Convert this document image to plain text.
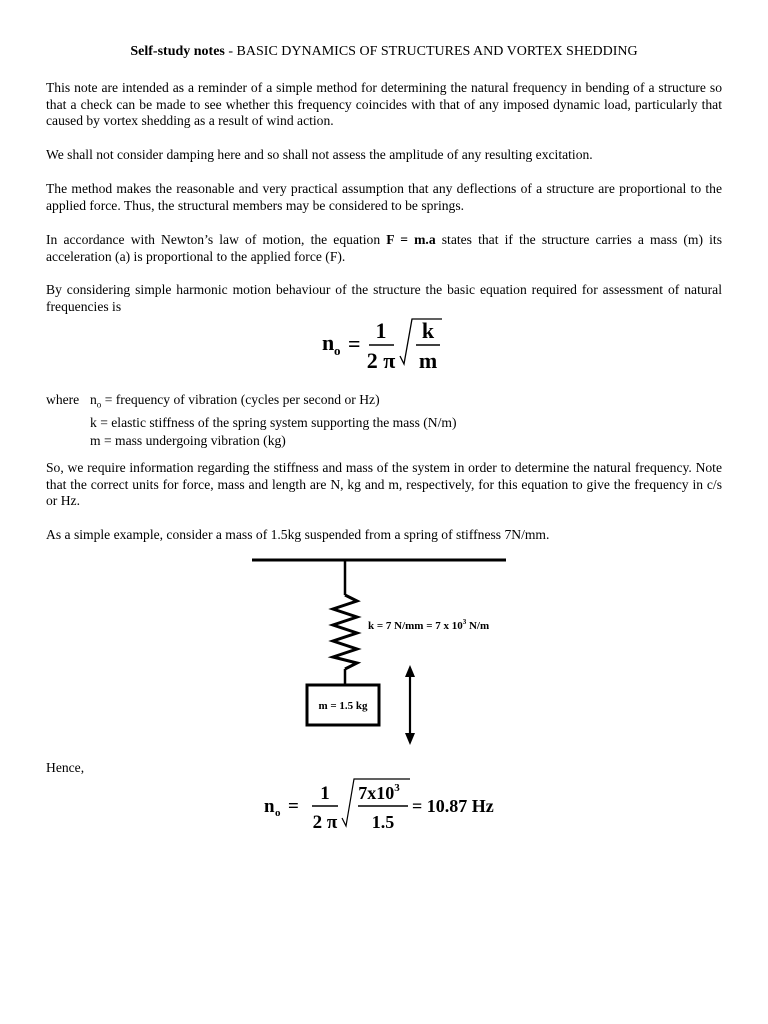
Self-study notes - BASIC DYNAMICS OF STRUCTURES AND VORTEX SHEDDING
This note are intended as a reminder of a simple method for determining the natural frequency in bending of a structure so that a check can be made to see whether this frequency coincides with that of any imposed dynamic load, particularly that caused by vortex shedding as a result of wind action.
We shall not consider damping here and so shall not assess the amplitude of any resulting excitation.
The method makes the reasonable and very practical assumption that any deflections of a structure are proportional to the applied force. Thus, the structural members may be considered to be springs.
In accordance with Newton’s law of motion, the equation F = m.a states that if the structure carries a mass (m) its acceleration (a) is proportional to the applied force (F).
By considering simple harmonic motion behaviour of the structure the basic equation required for assessment of natural frequencies is
n o =
1
2 π
k
m
where $n_o$ = frequency of vibration (cycles per second or Hz)
k = elastic stiffness of the spring system supporting the mass (N/m)
m = mass undergoing vibration (kg)
So, we require information regarding the stiffness and mass of the system in order to determine the natural frequency. Note that the correct units for force, mass and length are N, kg and m, respectively, for this equation to give the frequency in c/s or Hz.
As a simple example, consider a mass of 1.5kg suspended from a spring of stiffness 7N/mm.
m = 1.5 kg
k = 7 N/mm = 7 x $10^3$ N/m
Hence,
n o =
1
2 π
$7x10^3$
1.5
= 10.87 Hz
